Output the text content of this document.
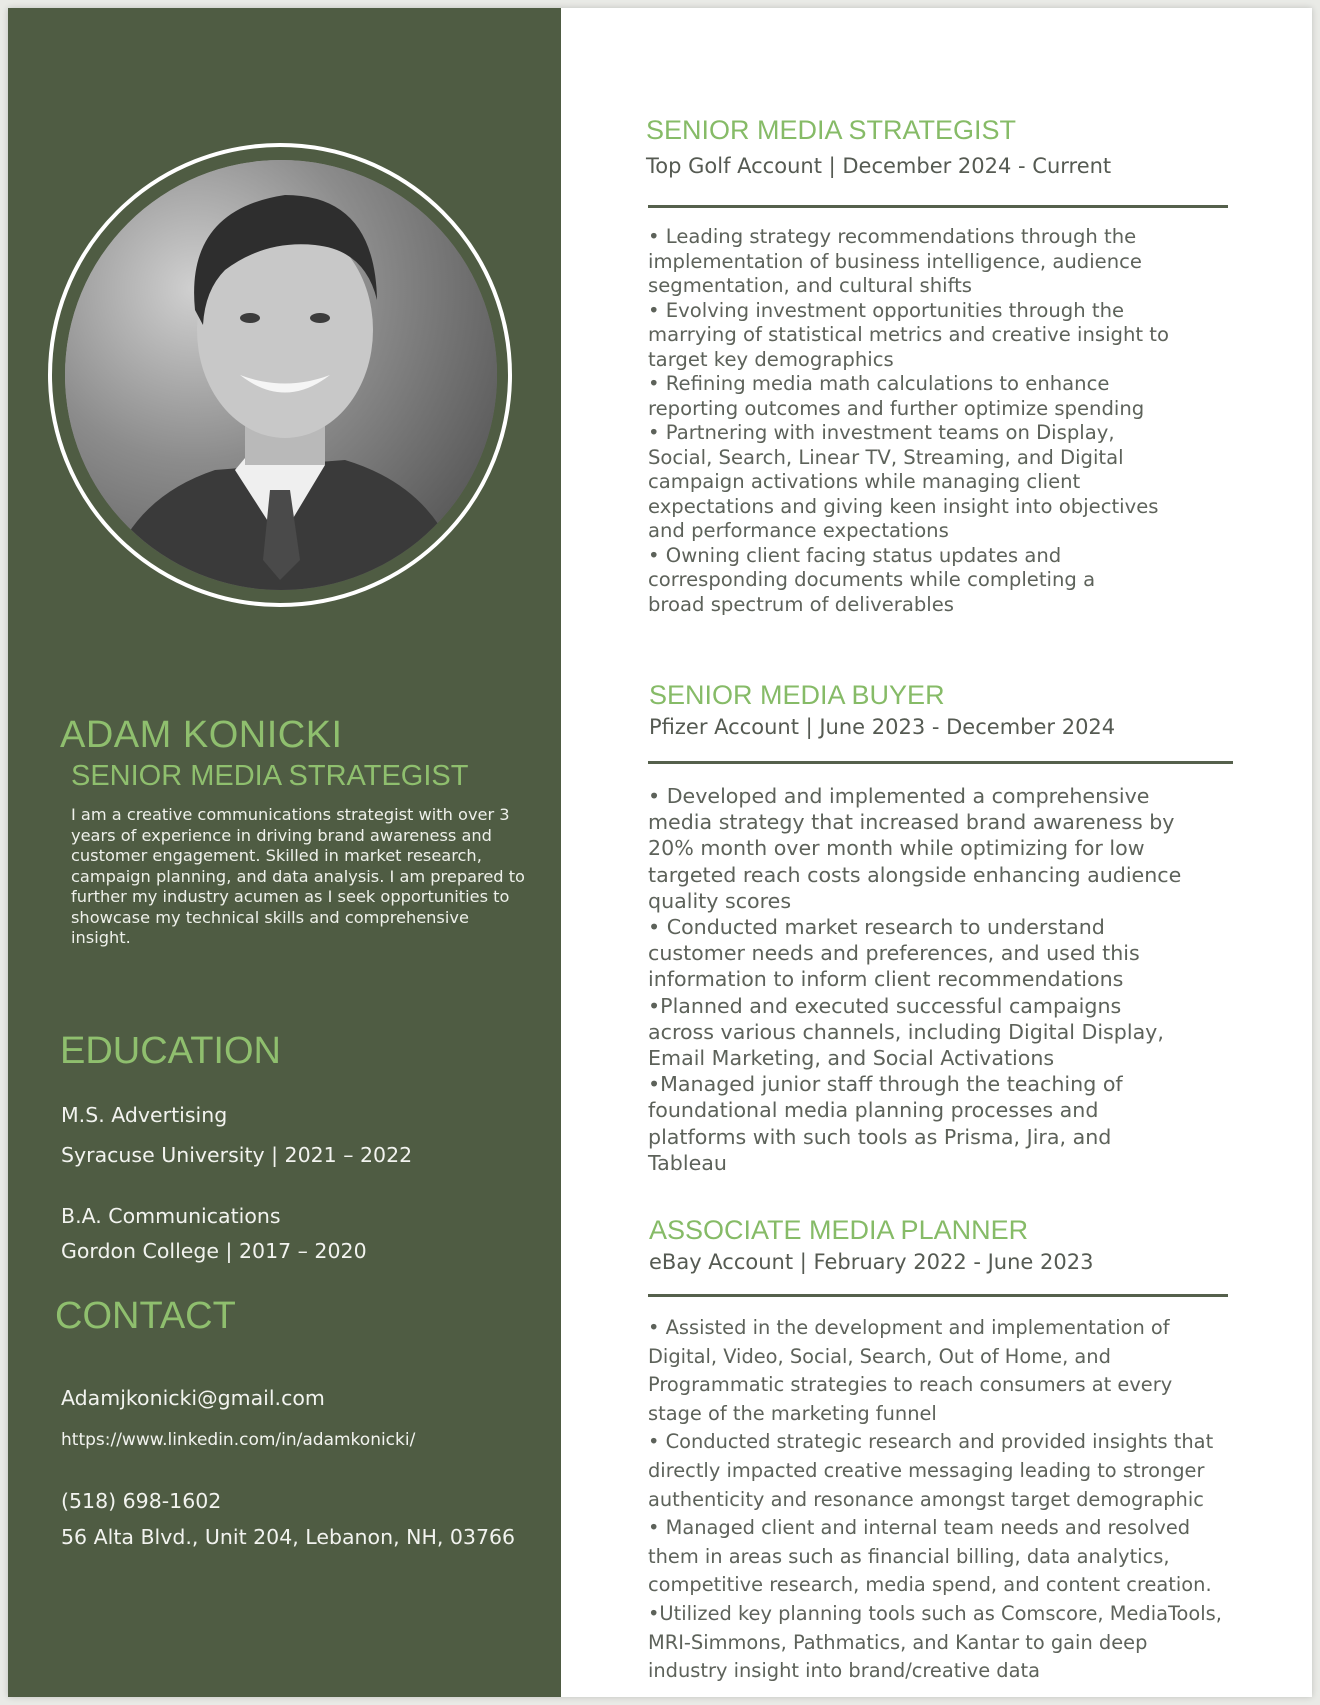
ADAM KONICKI
SENIOR MEDIA STRATEGIST
I am a creative communications strategist with over 3 years of experience in driving brand awareness and customer engagement. Skilled in market research, campaign planning, and data analysis. I am prepared to further my industry acumen as I seek opportunities to showcase my technical skills and comprehensive insight.
EDUCATION
M.S. Advertising
Syracuse University | 2021 – 2022
B.A. Communications
Gordon College | 2017 – 2020
CONTACT
Adamjkonicki@gmail.com
https://www.linkedin.com/in/adamkonicki/
(518) 698-1602
56 Alta Blvd., Unit 204, Lebanon, NH, 03766
SENIOR MEDIA STRATEGIST
Top Golf Account | December 2024 - Current
• Leading strategy recommendations through the
implementation of business intelligence, audience
segmentation, and cultural shifts
• Evolving investment opportunities through the
marrying of statistical metrics and creative insight to
target key demographics
• Refining media math calculations to enhance
reporting outcomes and further optimize spending
• Partnering with investment teams on Display,
Social, Search, Linear TV, Streaming, and Digital
campaign activations while managing client
expectations and giving keen insight into objectives
and performance expectations
• Owning client facing status updates and
corresponding documents while completing a
broad spectrum of deliverables
SENIOR MEDIA BUYER
Pfizer Account | June 2023 - December 2024
• Developed and implemented a comprehensive
media strategy that increased brand awareness by
20% month over month while optimizing for low
targeted reach costs alongside enhancing audience
quality scores
• Conducted market research to understand
customer needs and preferences, and used this
information to inform client recommendations
•Planned and executed successful campaigns
across various channels, including Digital Display,
Email Marketing, and Social Activations
•Managed junior staff through the teaching of
foundational media planning processes and
platforms with such tools as Prisma, Jira, and
Tableau
ASSOCIATE MEDIA PLANNER
eBay Account | February 2022 - June 2023
• Assisted in the development and implementation of
Digital, Video, Social, Search, Out of Home, and
Programmatic strategies to reach consumers at every
stage of the marketing funnel
• Conducted strategic research and provided insights that
directly impacted creative messaging leading to stronger
authenticity and resonance amongst target demographic
• Managed client and internal team needs and resolved
them in areas such as financial billing, data analytics,
competitive research, media spend, and content creation.
•Utilized key planning tools such as Comscore, MediaTools,
MRI-Simmons, Pathmatics, and Kantar to gain deep
industry insight into brand/creative data
